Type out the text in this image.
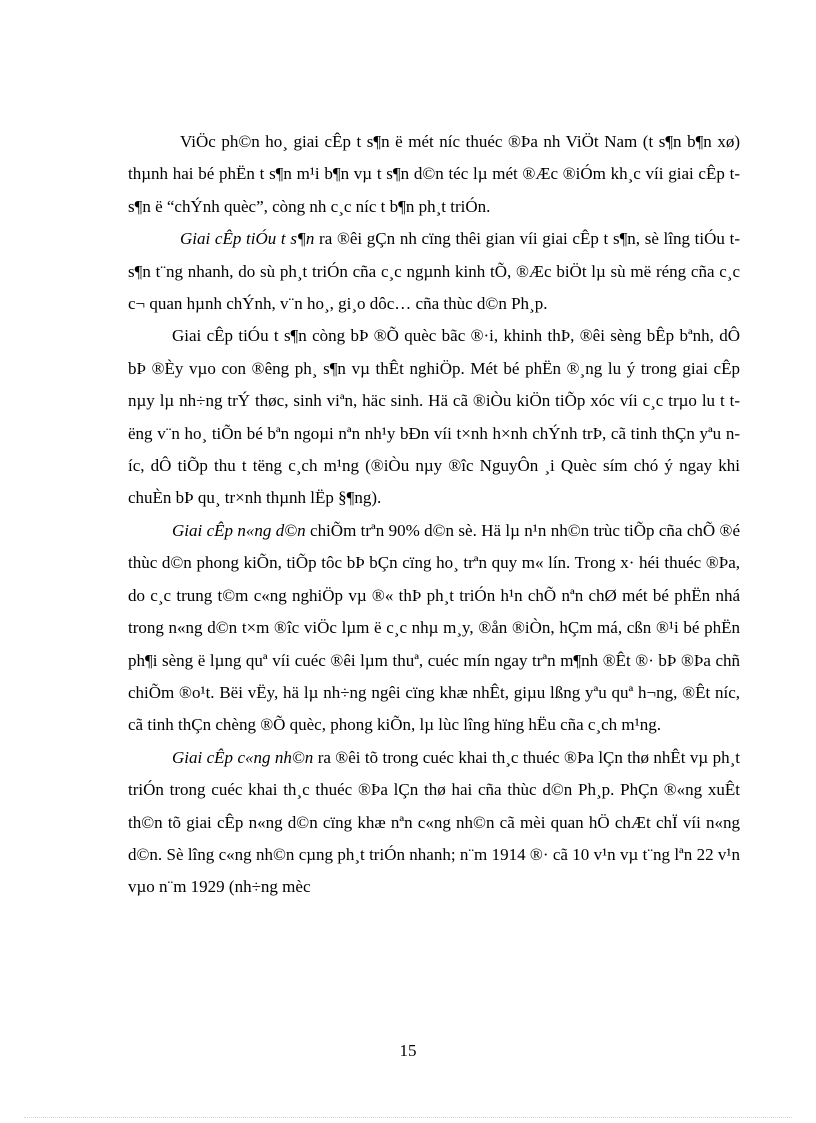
ViÖc ph©n ho¸ giai cÊp t s¶n ë mét níc thuéc ®Þa nh ViÖt Nam (t s¶n b¶n xø) thµnh hai bé phËn t s¶n m¹i b¶n vµ t s¶n d©n téc lµ mét ®Æc ®iÓm kh¸c víi giai cÊp t s¶n ë “chÝnh quèc”, còng nh c¸c níc t b¶n ph¸t triÓn.

Giai cÊp tiÓu t s¶n ra ®êi gÇn nh cïng thêi gian víi giai cÊp t s¶n, sè lîng tiÓu t s¶n t¨ng nhanh, do sù ph¸t triÓn cña c¸c ngµnh kinh tÕ, ®Æc biÖt lµ sù më réng cña c¸c c¬ quan hµnh chÝnh, v¨n ho¸, gi¸o dôc… cña thùc d©n Ph¸p.

Giai cÊp tiÓu t s¶n còng bÞ ®Õ quèc bãc ®·i, khinh thÞ, ®êi sèng bÊp bªnh, dÔ bÞ ®Èy vµo con ®êng ph¸ s¶n vµ thÊt nghiÖp. Mét bé phËn ®¸ng lu ý trong giai cÊp nµy lµ nh÷ng trÝ thøc, sinh viªn, häc sinh. Hä cã ®iÒu kiÖn tiÕp xóc víi c¸c trµo lu t tëng v¨n ho¸ tiÕn bé bªn ngoµi nªn nh¹y bÐn víi t×nh h×nh chÝnh trÞ, cã tinh thÇn yªu níc, dÔ tiÕp thu t tëng c¸ch m¹ng (®iÒu nµy ®îc NguyÔn ¸i Quèc sím chó ý ngay khi chuÈn bÞ qu¸ tr×nh thµnh lËp §¶ng).

Giai cÊp n«ng d©n chiÕm trªn 90% d©n sè. Hä lµ n¹n nh©n trùc tiÕp cña chÕ ®é thùc d©n phong kiÕn, tiÕp tôc bÞ bÇn cïng ho¸ trªn quy m« lín. Trong x· héi thuéc ®Þa, do c¸c trung t©m c«ng nghiÖp vµ ®« thÞ ph¸t triÓn h¹n chÕ nªn chØ mét bé phËn nhá trong n«ng d©n t×m ®îc viÖc lµm ë c¸c nhµ m¸y, ®ån ®iÒn, hÇm má, cßn ®¹i bé phËn ph¶i sèng ë lµng quª víi cuéc ®êi lµm thuª, cuéc mín ngay trªn m¶nh ®Êt ®· bÞ ®Þa chñ chiÕm ®o¹t. Bëi vËy, hä lµ nh÷ng ngêi cïng khæ nhÊt, giµu lßng yªu quª h¬ng, ®Êt níc, cã tinh thÇn chèng ®Õ quèc, phong kiÕn, lµ lùc lîng hïng hËu cña c¸ch m¹ng.

Giai cÊp c«ng nh©n ra ®êi tõ trong cuéc khai th¸c thuéc ®Þa lÇn thø nhÊt vµ ph¸t triÓn trong cuéc khai th¸c thuéc ®Þa lÇn thø hai cña thùc d©n Ph¸p. PhÇn ®«ng xuÊt th©n tõ giai cÊp n«ng d©n cïng khæ nªn c«ng nh©n cã mèi quan hÖ chÆt chÏ víi n«ng d©n. Sè lîng c«ng nh©n cµng ph¸t triÓn nhanh; n¨m 1914 ®· cã 10 v¹n vµ t¨ng lªn 22 v¹n vµo n¨m 1929 (nh÷ng mèc

15
